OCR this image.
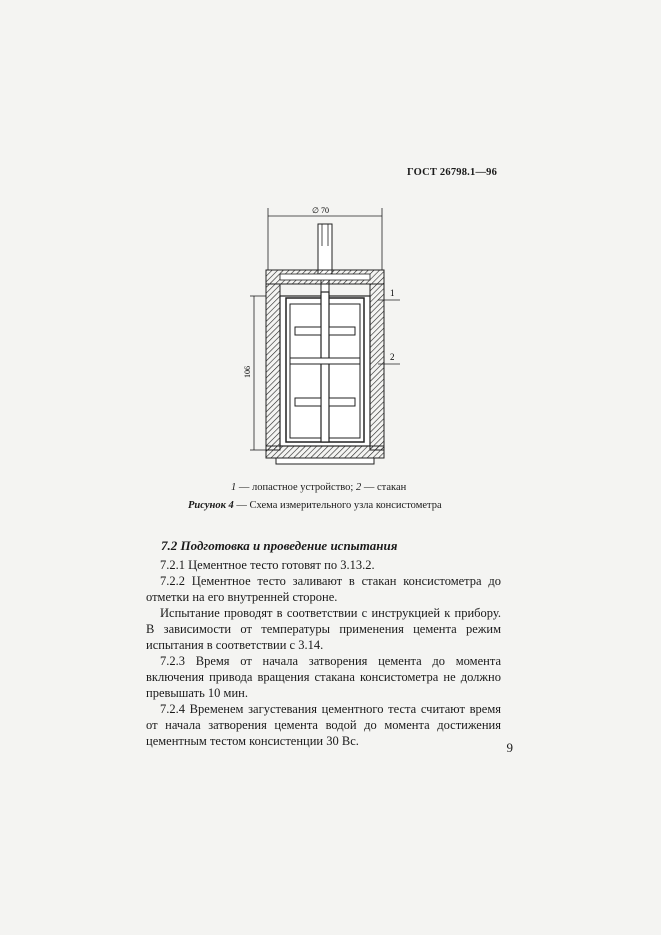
ГОСТ 26798.1—96
∅ 70
106
1
2
1 — лопастное устройство; 2 — стакан
Рисунок 4 — Схема измерительного узла консистометра
7.2 Подготовка и проведение испытания

7.2.1 Цементное тесто готовят по 3.13.2.

7.2.2 Цементное тесто заливают в стакан консистометра до отметки на его внутренней стороне.

Испытание проводят в соответствии с инструкцией к прибору. В зависимости от температуры применения цемента режим испытания в соответствии с 3.14.

7.2.3 Время от начала затворения цемента до момента включения привода вращения стакана консистометра не должно превышать 10 мин.

7.2.4 Временем загустевания цементного теста считают время от начала затворения цемента водой до момента достижения цементным тестом консистенции 30 Вс.	9
